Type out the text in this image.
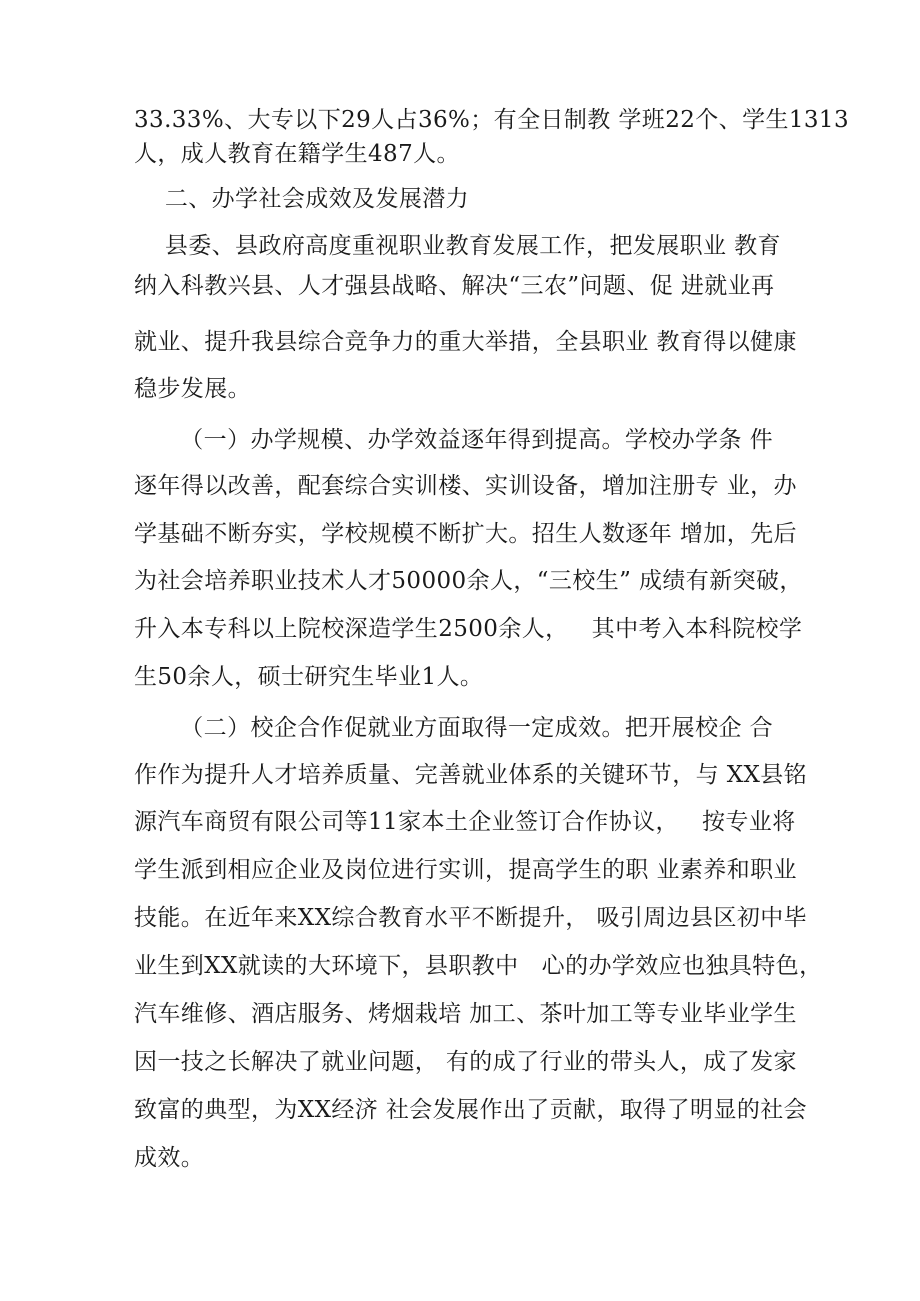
33.33%、大专以下29人占36%；有全日制教 学班22个、学生1313
人，成人教育在籍学生487人。
二、办学社会成效及发展潜力
县委、县政府高度重视职业教育发展工作，把发展职业 教育
纳入科教兴县、人才强县战略、解决“三农”问题、促 进就业再
就业、提升我县综合竞争力的重大举措，全县职业 教育得以健康
稳步发展。
（一）办学规模、办学效益逐年得到提高。学校办学条 件
逐年得以改善，配套综合实训楼、实训设备，增加注册专 业，办
学基础不断夯实，学校规模不断扩大。招生人数逐年 增加，先后
为社会培养职业技术人才50000余人，“三校生” 成绩有新突破，
升入本专科以上院校深造学生2500余人，   其中考入本科院校学
生50余人，硕士研究生毕业1人。
（二）校企合作促就业方面取得一定成效。把开展校企 合
作作为提升人才培养质量、完善就业体系的关键环节，与 XX县铭
源汽车商贸有限公司等11家本土企业签订合作协议，   按专业将
学生派到相应企业及岗位进行实训，提高学生的职 业素养和职业
技能。在近年来XX综合教育水平不断提升， 吸引周边县区初中毕
业生到XX就读的大环境下，县职教中   心的办学效应也独具特色，
汽车维修、酒店服务、烤烟栽培 加工、茶叶加工等专业毕业学生
因一技之长解决了就业问题， 有的成了行业的带头人，成了发家
致富的典型，为XX经济 社会发展作出了贡献，取得了明显的社会
成效。
